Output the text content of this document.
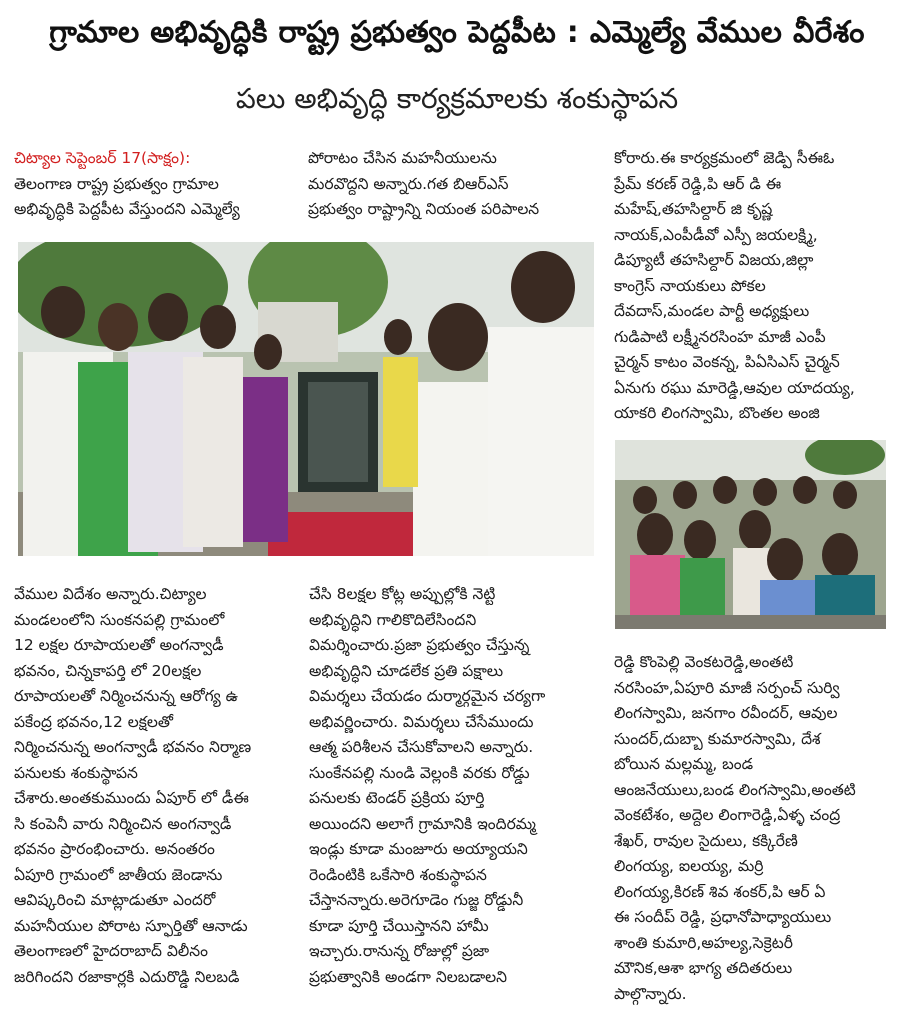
గ్రామాల అభివృద్ధికి రాష్ట్ర ప్రభుత్వం పెద్దపీట : ఎమ్మెల్యే వేముల వీరేశం
పలు అభివృద్ధి కార్యక్రమాలకు శంకుస్థాపన

చిట్యాల సెప్టెంబర్ 17(సాక్షం):

తెలంగాణ రాష్ట్ర ప్రభుత్వం గ్రామాల

అభివృద్ధికి పెద్దపీట వేస్తుందని ఎమ్మెల్యే

పోరాటం చేసిన మహనీయులను

మరవొద్దని అన్నారు.గత బిఆర్ఎస్

ప్రభుత్వం రాష్ట్రాన్ని నియంత పరిపాలన

కోరారు.ఈ కార్యక్రమంలో జెడ్పి సీఈఓ

ప్రేమ్ కరణ్ రెడ్డి,పి ఆర్ డి ఈ

మహేష్,తహసిల్దార్ జి కృష్ణ

నాయక్,ఎంపీడీవో ఎస్పీ జయలక్ష్మి,

డిప్యూటీ తహసిల్దార్ విజయ,జిల్లా

కాంగ్రెస్ నాయకులు పోకల

దేవదాస్,మండల పార్టీ అధ్యక్షులు

గుడిపాటి లక్ష్మీనరసింహ మాజీ ఎంపీ

చైర్మన్ కాటం వెంకన్న, పిఏసిఎస్ చైర్మన్

ఏనుగు రఘు మారెడ్డి,ఆవుల యాదయ్య,

యాకరి లింగస్వామి, బొంతల అంజి

వేముల విదేశం అన్నారు.చిట్యాల

మండలంలోని సుంకనపల్లి గ్రామంలో

12 లక్షల రూపాయలతో అంగన్వాడీ

భవనం, చిన్నకాపర్తి లో 20లక్షల

రూపాయలతో నిర్మించనున్న ఆరోగ్య ఉ

పకేంద్ర భవనం,12 లక్షలతో

నిర్మించనున్న అంగన్వాడీ భవనం నిర్మాణ

పనులకు శంకుస్థాపన

చేశారు.అంతకుముందు ఏపూర్ లో డీఈ

సి కంపెనీ వారు నిర్మించిన అంగన్వాడీ

భవనం ప్రారంభించారు. అనంతరం

ఏపూరి గ్రామంలో జాతీయ జెండాను

ఆవిష్కరించి మాట్లాడుతూ ఎందరో

మహనీయుల పోరాట స్ఫూర్తితో ఆనాడు

తెలంగాణలో హైదరాబాద్ విలీనం

జరిగిందని రజాకార్లకి ఎదురొడ్డి నిలబడి

చేసి 8లక్షల కోట్ల అప్పుల్లోకి నెట్టి

అభివృద్ధిని గాలికొదిలేసిందని

విమర్శించారు.ప్రజా ప్రభుత్వం చేస్తున్న

అభివృద్ధిని చూడలేక ప్రతి పక్షాలు

విమర్శలు చేయడం దుర్మార్గమైన చర్యగా

అభివర్ణించారు. విమర్శలు చేసేముందు

ఆత్మ పరిశీలన చేసుకోవాలని అన్నారు.

సుంకేనపల్లి నుండి వెల్లంకి వరకు రోడ్డు

పనులకు టెండర్ ప్రక్రియ పూర్తి

అయిందని అలాగే గ్రామానికి ఇందిరమ్మ

ఇండ్లు కూడా మంజూరు అయ్యాయని

రెండింటికి ఒకేసారి శంకుస్థాపన

చేస్తానన్నారు.అరెగూడెం గుజ్జ రోడ్డునీ

కూడా పూర్తి చేయిస్తానని హామీ

ఇచ్చారు.రానున్న రోజుల్లో ప్రజా

ప్రభుత్వానికి అండగా నిలబడాలని

రెడ్డి కొంపెల్లి వెంకటరెడ్డి,అంతటి

నరసింహ,ఏపూరి మాజీ సర్పంచ్ సుర్వి

లింగస్వామి, జనగాం రవీందర్, ఆవుల

సుందర్,దుబ్బా కుమారస్వామి, దేశ

బోయిన మల్లమ్మ, బండ

ఆంజనేయులు,బండ లింగస్వామి,అంతటి

వెంకటేశం, అద్దెల లింగారెడ్డి,ఏళ్ళ చంద్ర

శేఖర్, రావుల సైదులు, కక్కిరేణి

లింగయ్య, ఐలయ్య, మర్రి

లింగయ్య,కిరణ్ శివ శంకర్,పి ఆర్ ఏ

ఈ సందీప్ రెడ్డి, ప్రధానోపాధ్యాయులు

శాంతి కుమారి,అహల్య,సెక్రెటరీ

మౌనిక,ఆశా భాగ్య తదితరులు

పాల్గొన్నారు.
